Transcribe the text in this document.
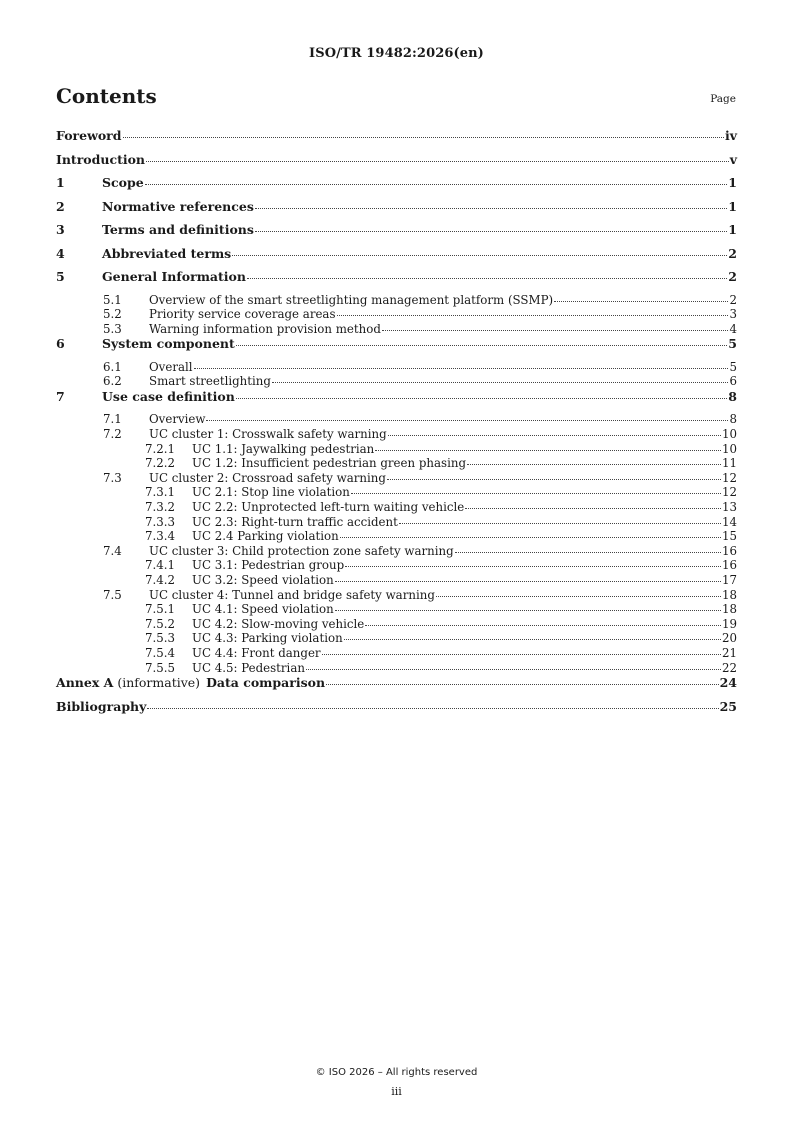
ISO/TR 19482:2026(en)
Contents	Page
Foreword	iv
Introduction	v
1	Scope	1
2	Normative references	1
3	Terms and definitions	1
4	Abbreviated terms	2
5	General Information	2
5.1	Overview of the smart streetlighting management platform (SSMP)	2
5.2	Priority service coverage areas	3
5.3	Warning information provision method	4
6	System component	5
6.1	Overall	5
6.2	Smart streetlighting	6
7	Use case definition	8
7.1	Overview	8
7.2	UC cluster 1: Crosswalk safety warning	10
7.2.1	UC 1.1: Jaywalking pedestrian	10
7.2.2	UC 1.2: Insufficient pedestrian green phasing	11
7.3	UC cluster 2: Crossroad safety warning	12
7.3.1	UC 2.1: Stop line violation	12
7.3.2	UC 2.2: Unprotected left-turn waiting vehicle	13
7.3.3	UC 2.3: Right-turn traffic accident	14
7.3.4	UC 2.4 Parking violation	15
7.4	UC cluster 3: Child protection zone safety warning	16
7.4.1	UC 3.1: Pedestrian group	16
7.4.2	UC 3.2: Speed violation	17
7.5	UC cluster 4: Tunnel and bridge safety warning	18
7.5.1	UC 4.1: Speed violation	18
7.5.2	UC 4.2: Slow-moving vehicle	19
7.5.3	UC 4.3: Parking violation	20
7.5.4	UC 4.4: Front danger	21
7.5.5	UC 4.5: Pedestrian	22
Annex A (informative) Data comparison	24
Bibliography	25
© ISO 2026 – All rights reserved
iii
